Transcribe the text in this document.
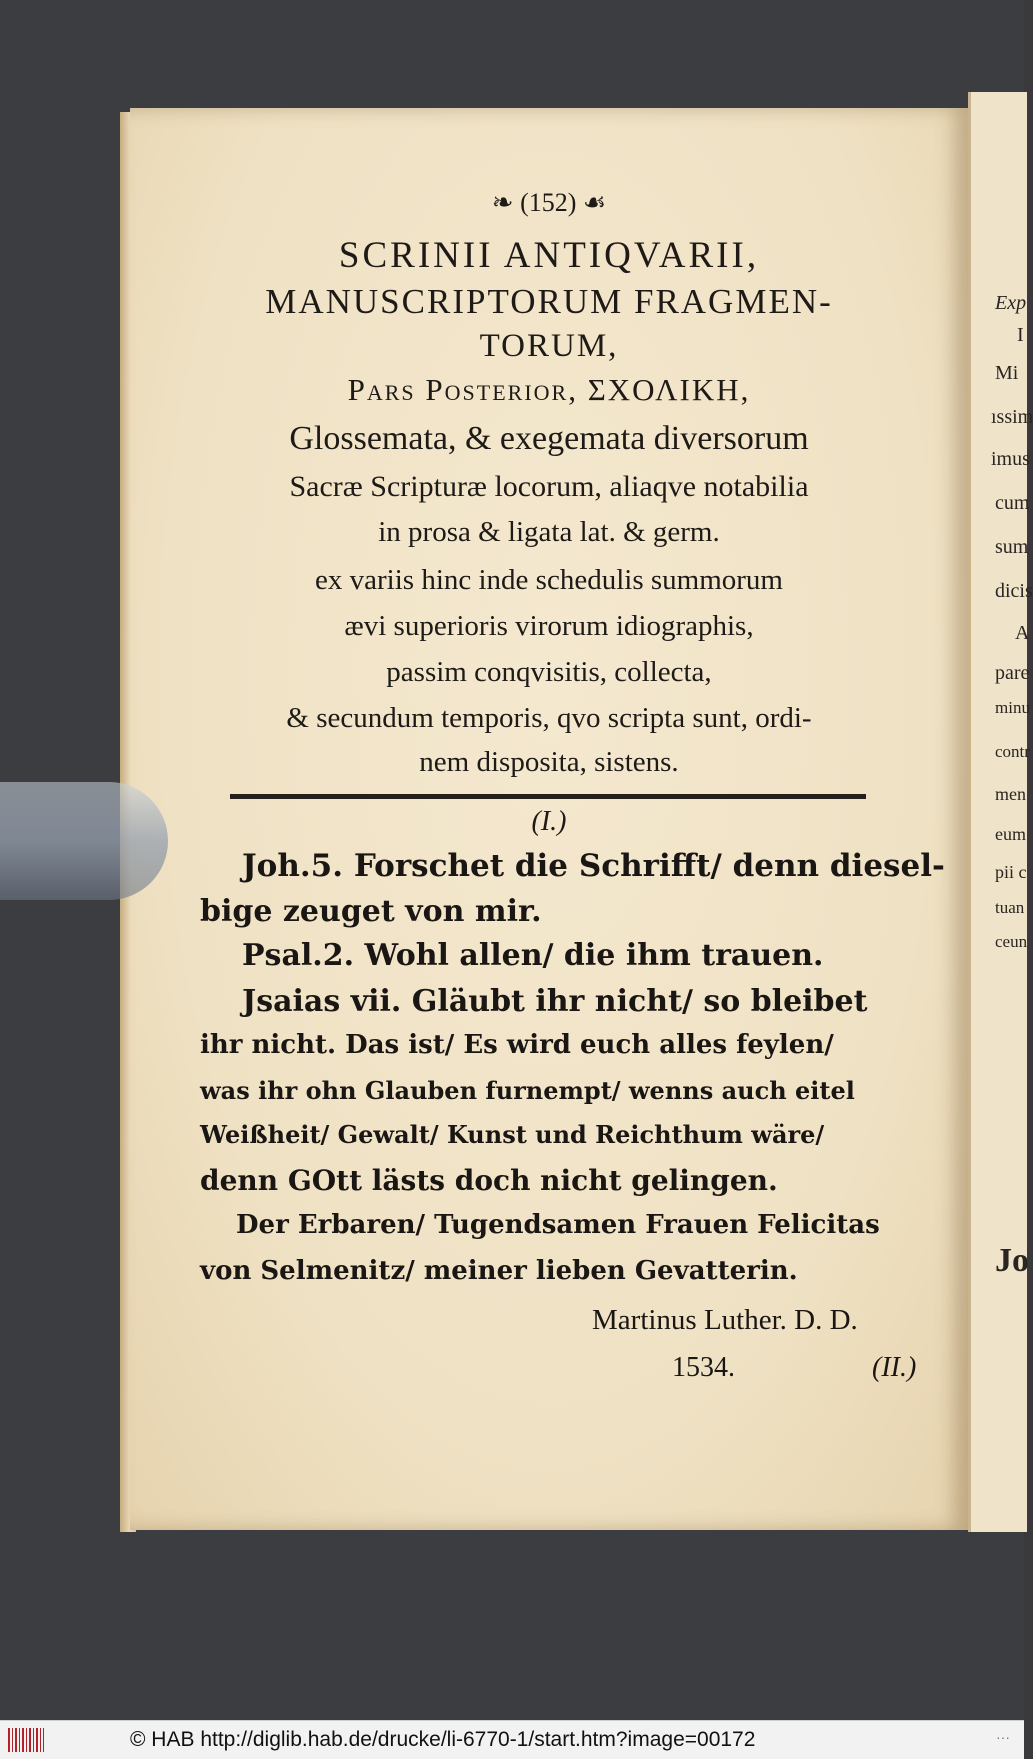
Exp
I
Mi
ıssim
imus
cum
sum
dicis
A
pare
minu
contr
men
eum
pii c
tuan
ceun
Jo
❧ (152) ☙
SCRINII ANTIQVARII,
MANUSCRIPTORUM FRAGMEN-
TORUM,
Pars Posterior, ΣΧΟΛΙΚΗ,
Glossemata, & exegemata diversorum
Sacræ Scripturæ locorum, aliaqve notabilia
in prosa & ligata lat. & germ.
ex variis hinc inde schedulis summorum
ævi superioris virorum idiographis,
passim conqvisitis, collecta,
& secundum temporis, qvo scripta sunt, ordi-
nem disposita, sistens.
(I.)
Joh.5. Forschet die Schrifft/ denn diesel-
bige zeuget von mir.
Psal.2. Wohl allen/ die ihm trauen.
Jsaias vii. Gläubt ihr nicht/ so bleibet
ihr nicht. Das ist/ Es wird euch alles feylen/
was ihr ohn Glauben furnempt/ wenns auch eitel
Weißheit/ Gewalt/ Kunst und Reichthum wäre/
denn GOtt lästs doch nicht gelingen.
Der Erbaren/ Tugendsamen Frauen Felicitas
von Selmenitz/ meiner lieben Gevatterin.
Martinus Luther. D. D.
1534.	(II.)
© HAB http://diglib.hab.de/drucke/li-6770-1/start.htm?image=00172	···
